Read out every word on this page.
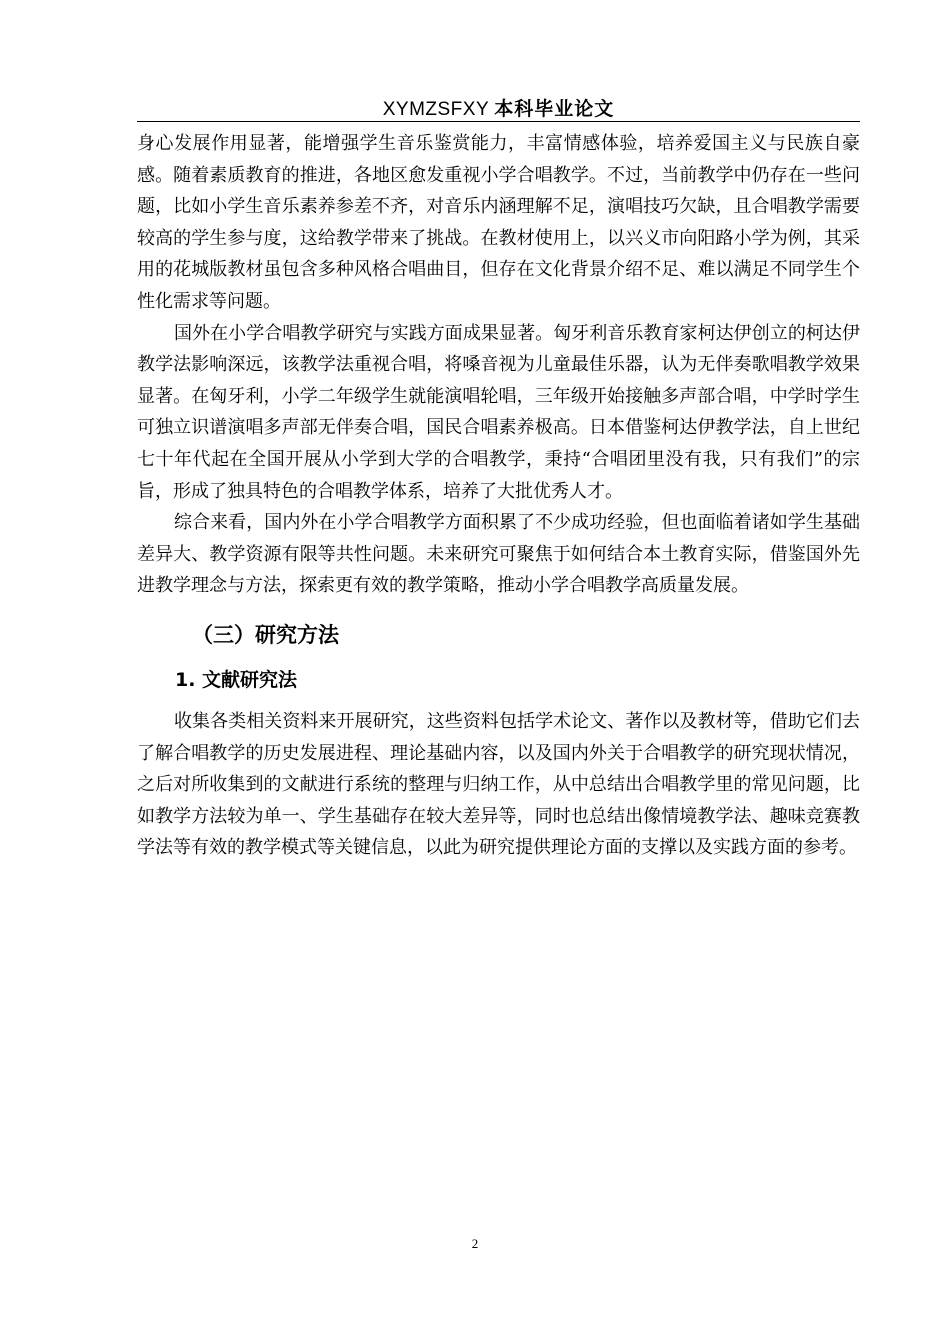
XYMZSFXY 本科毕业论文

身心发展作用显著，能增强学生音乐鉴赏能力，丰富情感体验，培养爱国主义与民族自豪感。随着素质教育的推进，各地区愈发重视小学合唱教学。不过，当前教学中仍存在一些问题，比如小学生音乐素养参差不齐，对音乐内涵理解不足，演唱技巧欠缺，且合唱教学需要较高的学生参与度，这给教学带来了挑战。在教材使用上，以兴义市向阳路小学为例，其采用的花城版教材虽包含多种风格合唱曲目，但存在文化背景介绍不足、难以满足不同学生个性化需求等问题。

国外在小学合唱教学研究与实践方面成果显著。匈牙利音乐教育家柯达伊创立的柯达伊教学法影响深远，该教学法重视合唱，将嗓音视为儿童最佳乐器，认为无伴奏歌唱教学效果显著。在匈牙利，小学二年级学生就能演唱轮唱，三年级开始接触多声部合唱，中学时学生可独立识谱演唱多声部无伴奏合唱，国民合唱素养极高。日本借鉴柯达伊教学法，自上世纪七十年代起在全国开展从小学到大学的合唱教学，秉持“合唱团里没有我，只有我们”的宗旨，形成了独具特色的合唱教学体系，培养了大批优秀人才。

综合来看，国内外在小学合唱教学方面积累了不少成功经验，但也面临着诸如学生基础差异大、教学资源有限等共性问题。未来研究可聚焦于如何结合本土教育实际，借鉴国外先进教学理念与方法，探索更有效的教学策略，推动小学合唱教学高质量发展。

（三）研究方法
1. 文献研究法

收集各类相关资料来开展研究，这些资料包括学术论文、著作以及教材等，借助它们去了解合唱教学的历史发展进程、理论基础内容，以及国内外关于合唱教学的研究现状情况，之后对所收集到的文献进行系统的整理与归纳工作，从中总结出合唱教学里的常见问题，比如教学方法较为单一、学生基础存在较大差异等，同时也总结出像情境教学法、趣味竞赛教学法等有效的教学模式等关键信息，以此为研究提供理论方面的支撑以及实践方面的参考。

2
